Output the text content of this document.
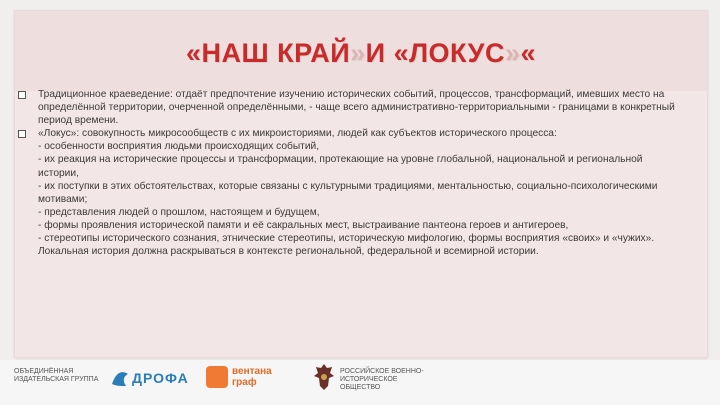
«НАШ КРАЙ»И «ЛОКУС»«
Традиционное краеведение: отдаёт предпочтение изучению исторических событий, процессов, трансформаций, имевших место на определённой территории, очерченной определёнными, - чаще всего административно-территориальными - границами в конкретный период времени.
«Локус»: совокупность микросообществ с их микроисториями, людей как субъектов исторического процесса:
- особенности восприятия людьми происходящих событий,
- их реакция на исторические процессы и трансформации, протекающие на уровне глобальной, национальной и региональной истории,
- их поступки в этих обстоятельствах, которые связаны с культурными традициями, ментальностью, социально-психологическими мотивами;
- представления людей о прошлом, настоящем и будущем,
- формы проявления исторической памяти и её сакральных мест, выстраивание пантеона героев и антигероев,
- стереотипы исторического сознания, этнические стереотипы, историческую мифологию, формы восприятия «своих» и «чужих».
Локальная история должна раскрываться в контексте региональной, федеральной и всемирной истории.
ОБЪЕДИНЁННАЯ ИЗДАТЕЛЬСКАЯ ГРУППА	ДРОФА	вентана
граф
РОССИЙСКОЕ ВОЕННО-ИСТОРИЧЕСКОЕ ОБЩЕСТВО
